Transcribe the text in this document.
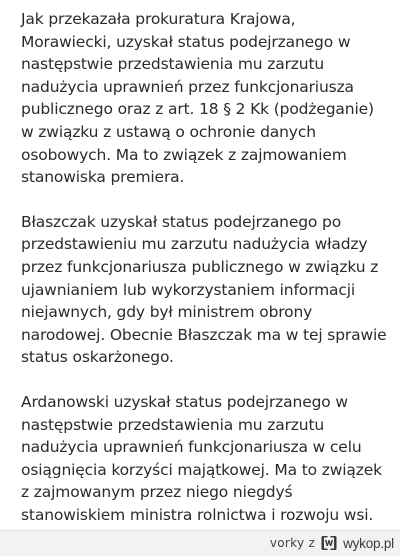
Jak przekazała prokuratura Krajowa, Morawiecki, uzyskał status podejrzanego w następstwie przedstawienia mu zarzutu nadużycia uprawnień przez funkcjonariusza publicznego oraz z art. 18 § 2 Kk (podżeganie) w związku z ustawą o ochronie danych osobowych. Ma to związek z zajmowaniem stanowiska premiera.

Błaszczak uzyskał status podejrzanego po przedstawieniu mu zarzutu nadużycia władzy przez funkcjonariusza publicznego w związku z ujawnianiem lub wykorzystaniem informacji niejawnych, gdy był ministrem obrony narodowej. Obecnie Błaszczak ma w tej sprawie status oskarżonego.

Ardanowski uzyskał status podejrzanego w następstwie przedstawienia mu zarzutu nadużycia uprawnień funkcjonariusza w celu osiągnięcia korzyści majątkowej. Ma to związek z zajmowanym przez niego niegdyś stanowiskiem ministra rolnictwa i rozwoju wsi.

vorky z wykop.pl
